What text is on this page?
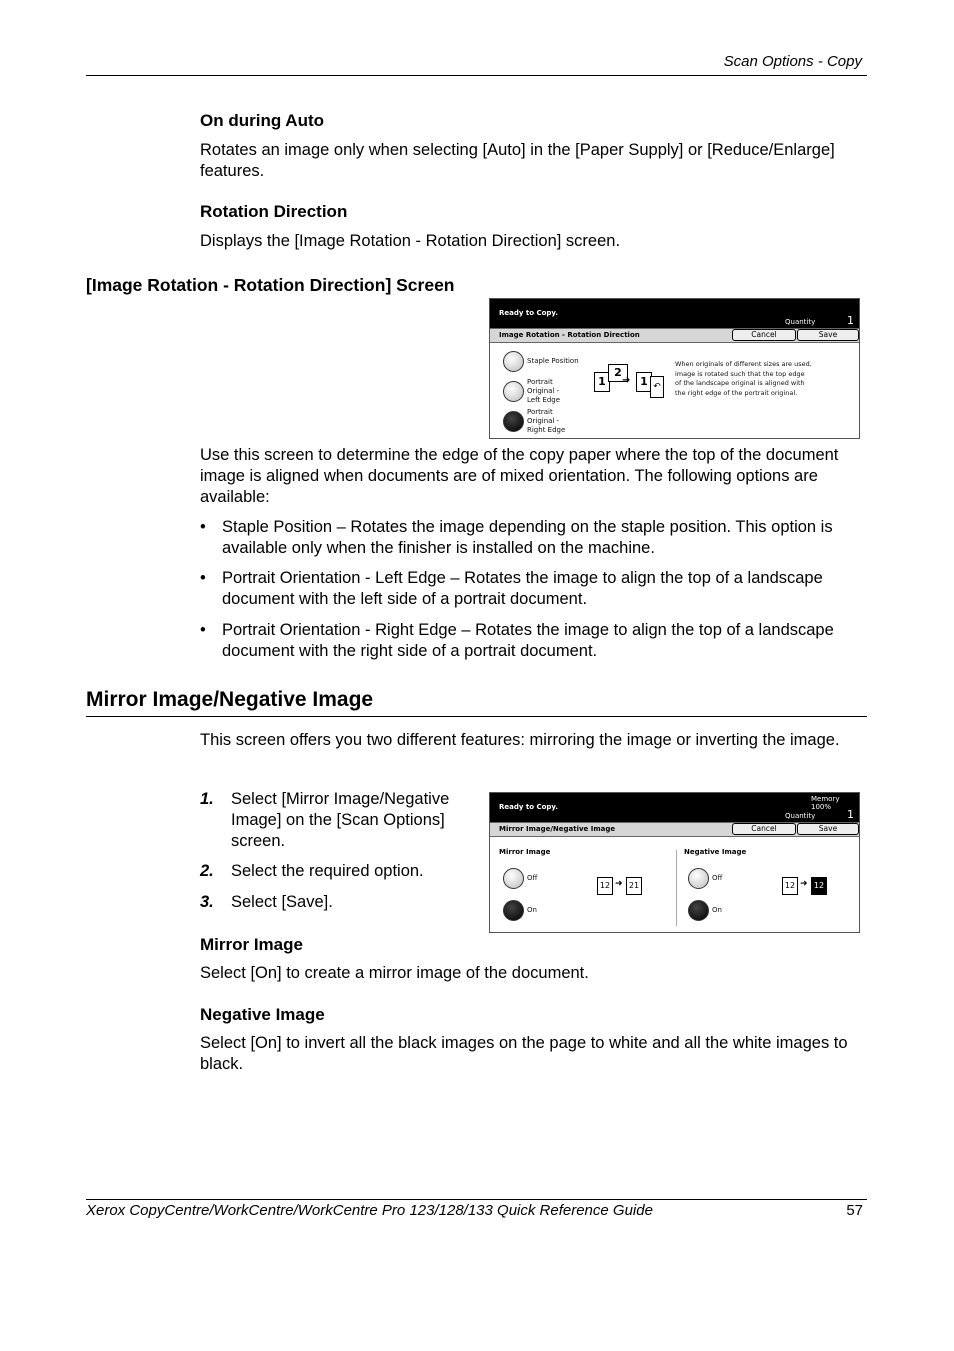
Scan Options - Copy
On during Auto
Rotates an image only when selecting [Auto] in the [Paper Supply] or [Reduce/Enlarge] features.
Rotation Direction
Displays the [Image Rotation - Rotation Direction] screen.
[Image Rotation - Rotation Direction] Screen
Ready to Copy.
Quantity	1
Image Rotation - Rotation Direction	Cancel	Save
Staple Position
Portrait
Original -
Left Edge
Portrait
Original -
Right Edge
1
2
➜ 1 ↶
When originals of different sizes are used,
image is rotated such that the top edge
of the landscape original is aligned with
the right edge of the portrait original.
Use this screen to determine the edge of the copy paper where the top of the document image is aligned when documents are of mixed orientation. The following options are available:
• Staple Position – Rotates the image depending on the staple position. This option is available only when the finisher is installed on the machine.
• Portrait Orientation - Left Edge – Rotates the image to align the top of a landscape document with the left side of a portrait document.
• Portrait Orientation - Right Edge – Rotates the image to align the top of a landscape document with the right side of a portrait document.
Mirror Image/Negative Image
This screen offers you two different features: mirroring the image or inverting the image.
1. Select [Mirror Image/Negative Image] on the [Scan Options] screen.
2. Select the required option.
3. Select [Save].
Ready to Copy.
Memory 100%
Quantity	1
Mirror Image/Negative Image	Cancel	Save
Mirror Image	Negative Image
Off
On
12 ➜ 21
Off
On
12 ➜ 12
Mirror Image
Select [On] to create a mirror image of the document.
Negative Image
Select [On] to invert all the black images on the page to white and all the white images to black.
Xerox CopyCentre/WorkCentre/WorkCentre Pro 123/128/133 Quick Reference Guide	57
